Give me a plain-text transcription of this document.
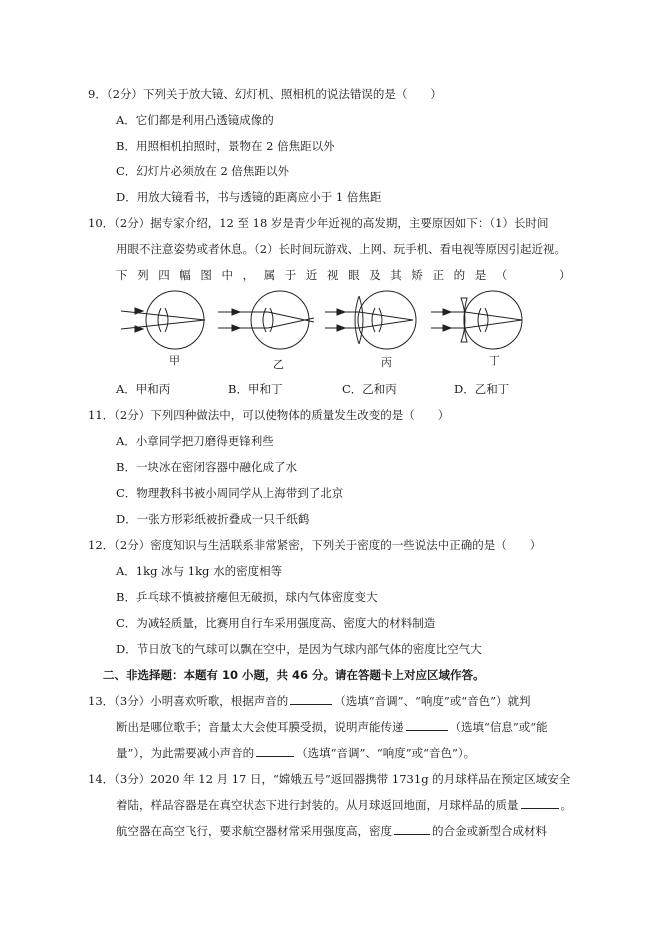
9．（2分）下列关于放大镜、幻灯机、照相机的说法错误的是（　　）
A．它们都是利用凸透镜成像的
B．用照相机拍照时，景物在 2 倍焦距以外
C．幻灯片必须放在 2 倍焦距以外
D．用放大镜看书，书与透镜的距离应小于 1 倍焦距
10．（2分）据专家介绍，12 至 18 岁是青少年近视的高发期，主要原因如下：（1）长时间
用眼不注意姿势或者休息。（2）长时间玩游戏、上网、玩手机、看电视等原因引起近视。
下列四幅图中，属于近视眼及其矫正的是（　　）
甲	乙	丙	丁
A．甲和丙	B．甲和丁	C．乙和丙	D．乙和丁
11．（2分）下列四种做法中，可以使物体的质量发生改变的是（　　）
A．小章同学把刀磨得更锋利些
B．一块冰在密闭容器中融化成了水
C．物理教科书被小周同学从上海带到了北京
D．一张方形彩纸被折叠成一只千纸鹤
12．（2分）密度知识与生活联系非常紧密，下列关于密度的一些说法中正确的是（　　）
A．1kg 冰与 1kg 水的密度相等
B．乒乓球不慎被挤瘪但无破损，球内气体密度变大
C．为减轻质量，比赛用自行车采用强度高、密度大的材料制造
D．节日放飞的气球可以飘在空中，是因为气球内部气体的密度比空气大
二、非选择题：本题有 10 小题，共 46 分。请在答题卡上对应区域作答。
13．（3分）小明喜欢听歌，根据声音的	（选填“音调”、“响度”或“音色”）就判
断出是哪位歌手；音量太大会使耳膜受损，说明声能传递	（选填“信息”或“能
量”），为此需要减小声音的	（选填“音调”、“响度”或“音色”）。
14．（3分）2020 年 12 月 17 日，“嫦娥五号”返回器携带 1731g 的月球样品在预定区域安全
着陆，样品容器是在真空状态下进行封装的。从月球返回地面，月球样品的质量	。
航空器在高空飞行，要求航空器材常采用强度高，密度	的合金或新型合成材料
